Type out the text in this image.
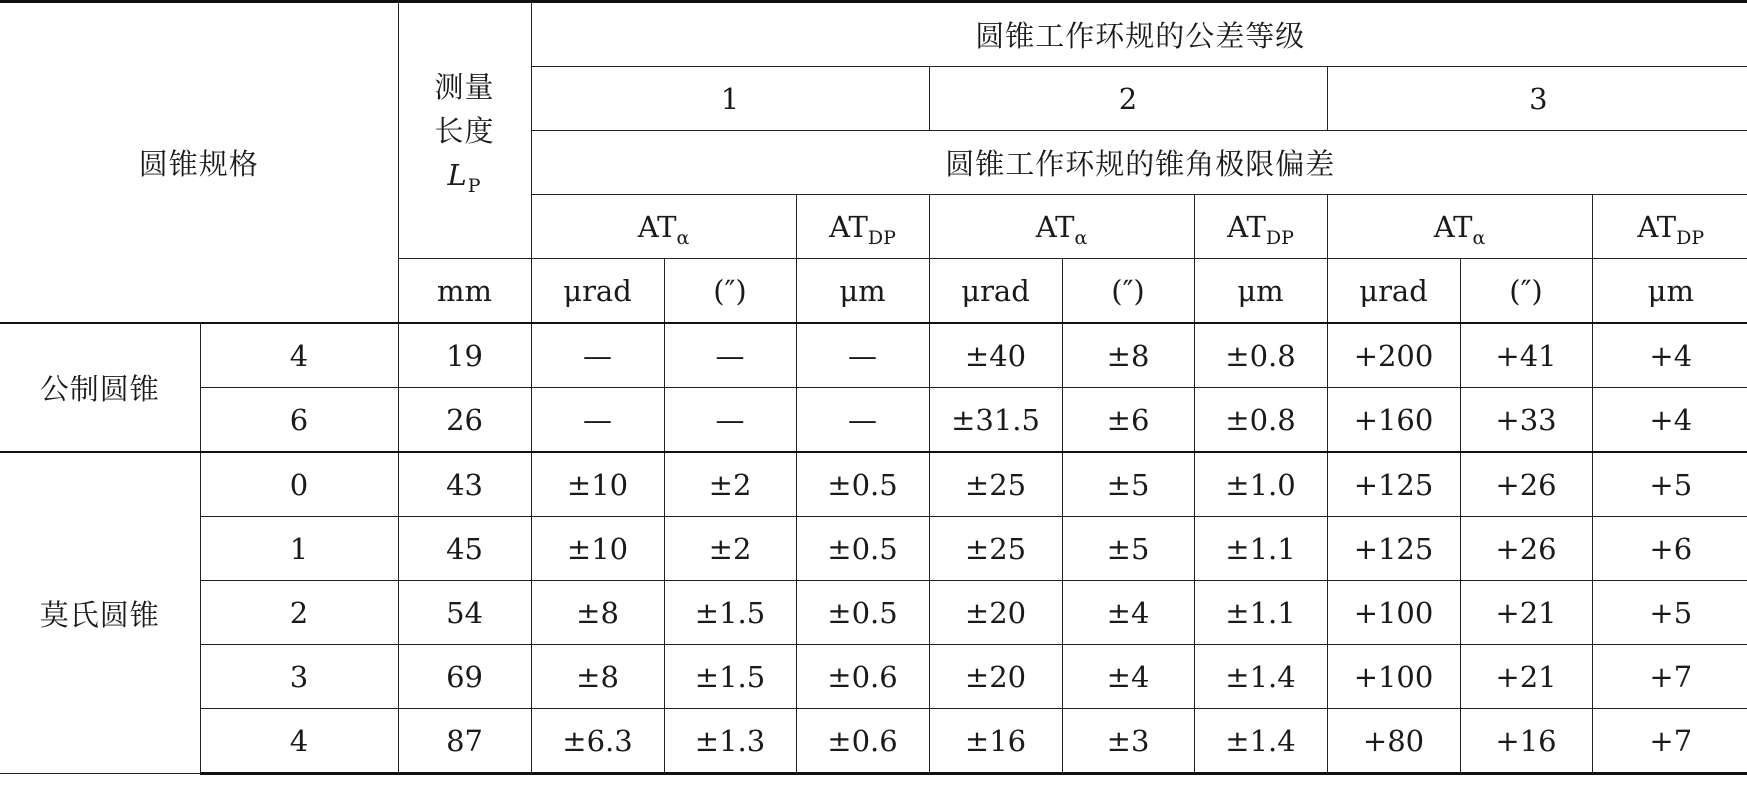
圆锥规格		测量
长度
$L_P$	圆锥工作环规的公差等级								
			1			2			3		
			圆锥工作环规的锥角极限偏差								
			$AT_\alpha$		$AT_{DP}$	$AT_\alpha$		$AT_{DP}$	$AT_\alpha$		$AT_{DP}$
		mm	μrad	(″)	μm	μrad	(″)	μm	μrad	(″)	μm
公制圆锥	4	19	—	—	—	±40	±8	±0.8	+200	+41	+4
	6	26	—	—	—	±31.5	±6	±0.8	+160	+33	+4
莫氏圆锥	0	43	±10	±2	±0.5	±25	±5	±1.0	+125	+26	+5
	1	45	±10	±2	±0.5	±25	±5	±1.1	+125	+26	+6
	2	54	±8	±1.5	±0.5	±20	±4	±1.1	+100	+21	+5
	3	69	±8	±1.5	±0.6	±20	±4	±1.4	+100	+21	+7
	4	87	±6.3	±1.3	±0.6	±16	±3	±1.4	+80	+16	+7
